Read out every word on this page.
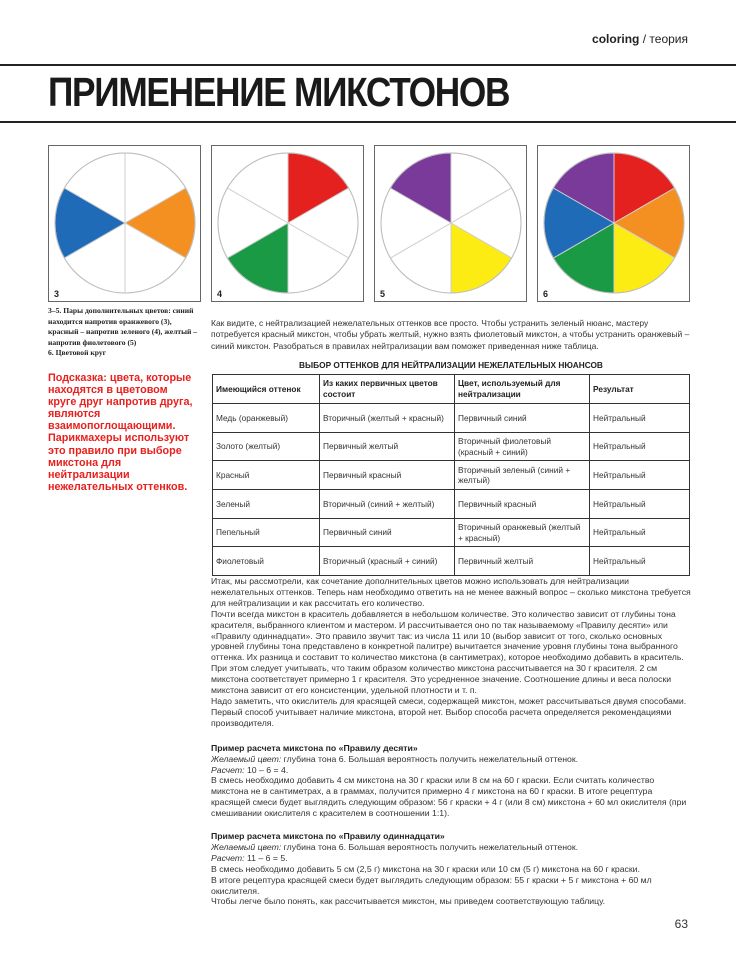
coloring / теория
ПРИМЕНЕНИЕ МИКСТОНОВ
3	4	5	6
3–5. Пары дополнительных цветов: синий находится напротив оранжевого (3), красный – напротив зеленого (4), желтый – напротив фиолетового (5)
6. Цветовой круг
Подсказка: цвета, которые находятся в цветовом круге друг напротив друга, являются взаимопоглощающими. Парикмахеры используют это правило при выборе микстона для нейтрализации нежелательных оттенков.

Как видите, с нейтрализацией нежелательных оттенков все просто. Чтобы устранить зеленый нюанс, мастеру потребуется красный микстон, чтобы убрать желтый, нужно взять фиолетовый микстон, а чтобы устранить оранжевый – синий микстон. Разобраться в правилах нейтрализации вам поможет приведенная ниже таблица.

ВЫБОР ОТТЕНКОВ ДЛЯ НЕЙТРАЛИЗАЦИИ НЕЖЕЛАТЕЛЬНЫХ НЮАНСОВ
Имеющийся оттенок	Из каких первичных цветов состоит	Цвет, используемый для нейтрализации	Результат
Медь (оранжевый)	Вторичный (желтый + красный)	Первичный синий	Нейтральный
Золото (желтый)	Первичный желтый	Вторичный фиолетовый (красный + синий)	Нейтральный
Красный	Первичный красный	Вторичный зеленый (синий + желтый)	Нейтральный
Зеленый	Вторичный (синий + желтый)	Первичный красный	Нейтральный
Пепельный	Первичный синий	Вторичный оранжевый (желтый + красный)	Нейтральный
Фиолетовый	Вторичный (красный + синий)	Первичный желтый	Нейтральный

Итак, мы рассмотрели, как сочетание дополнительных цветов можно использовать для нейтрализации нежелательных оттенков. Теперь нам необходимо ответить на не менее важный вопрос – сколько микстона требуется для нейтрализации и как рассчитать его количество.

Почти всегда микстон в краситель добавляется в небольшом количестве. Это количество зависит от глубины тона красителя, выбранного клиентом и мастером. И рассчитывается оно по так называемому «Правилу десяти» или «Правилу одиннадцати». Это правило звучит так: из числа 11 или 10 (выбор зависит от того, сколько основных уровней глубины тона представлено в конкретной палитре) вычитается значение уровня глубины тона выбранного оттенка. Их разница и составит то количество микстона (в сантиметрах), которое необходимо добавить в краситель. При этом следует учитывать, что таким образом количество микстона рассчитывается на 30 г красителя. 2 см микстона соответствует примерно 1 г красителя. Это усредненное значение. Соотношение длины и веса полоски микстона зависит от его консистенции, удельной плотности и т. п.

Надо заметить, что окислитель для красящей смеси, содержащей микстон, может рассчитываться двумя способами. Первый способ учитывает наличие микстона, второй нет. Выбор способа расчета определяется рекомендациями производителя.

Пример расчета микстона по «Правилу десяти»

Желаемый цвет: глубина тона 6. Большая вероятность получить нежелательный оттенок.

Расчет: 10 – 6 = 4.

В смесь необходимо добавить 4 см микстона на 30 г краски или 8 см на 60 г краски. Если считать количество микстона не в сантиметрах, а в граммах, получится примерно 4 г микстона на 60 г краски. В итоге рецептура красящей смеси будет выглядить следующим образом: 56 г краски + 4 г (или 8 см) микстона + 60 мл окислителя (при смешивании окислителя с красителем в соотношении 1:1).

Пример расчета микстона по «Правилу одиннадцати»

Желаемый цвет: глубина тона 6. Большая вероятность получить нежелательный оттенок.

Расчет: 11 – 6 = 5.

В смесь необходимо добавить 5 см (2,5 г) микстона на 30 г краски или 10 см (5 г) микстона на 60 г краски.

В итоге рецептура красящей смеси будет выглядить следующим образом: 55 г краски + 5 г микстона + 60 мл окислителя.

Чтобы легче было понять, как рассчитывается микстон, мы приведем соответствующую таблицу.

63
